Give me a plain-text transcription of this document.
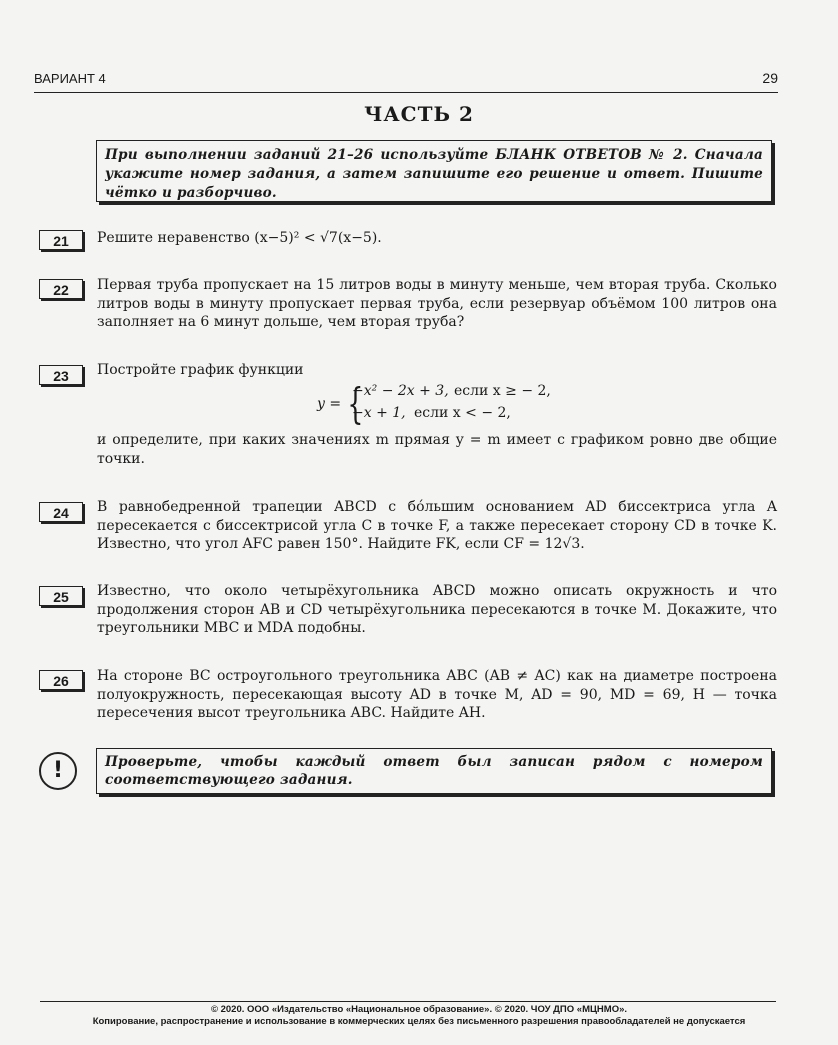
ВАРИАНТ 4	29
ЧАСТЬ 2
При выполнении заданий 21–26 используйте БЛАНК ОТВЕТОВ № 2. Сначала укажите номер задания, а затем запишите его решение и ответ. Пишите чётко и разборчиво.
21	Решите неравенство (x−5)² < √7(x−5).
22	Первая труба пропускает на 15 литров воды в минуту меньше, чем вторая труба. Сколько литров воды в минуту пропускает первая труба, если резервуар объёмом 100 литров она заполняет на 6 минут дольше, чем вторая труба?
23	Постройте график функции
y = {
−x² − 2x + 3, если x ≥ − 2,
−x + 1, если x < − 2,
и определите, при каких значениях m прямая y = m имеет с графиком ровно две общие точки.
24	В равнобедренной трапеции ABCD с бóльшим основанием AD биссектриса угла A пересекается с биссектрисой угла C в точке F, а также пересекает сторону CD в точке K. Известно, что угол AFC равен 150°. Найдите FK, если CF = 12√3.
25	Известно, что около четырёхугольника ABCD можно описать окружность и что продолжения сторон AB и CD четырёхугольника пересекаются в точке M. Докажите, что треугольники MBC и MDA подобны.
26	На стороне BC остроугольного треугольника ABC (AB ≠ AC) как на диаметре построена полуокружность, пересекающая высоту AD в точке M, AD = 90, MD = 69, H — точка пересечения высот треугольника ABC. Найдите AH.
!	Проверьте, чтобы каждый ответ был записан рядом с номером соответствующего задания.
© 2020. ООО «Издательство «Национальное образование». © 2020. ЧОУ ДПО «МЦНМО».
Копирование, распространение и использование в коммерческих целях без письменного разрешения правообладателей не допускается
